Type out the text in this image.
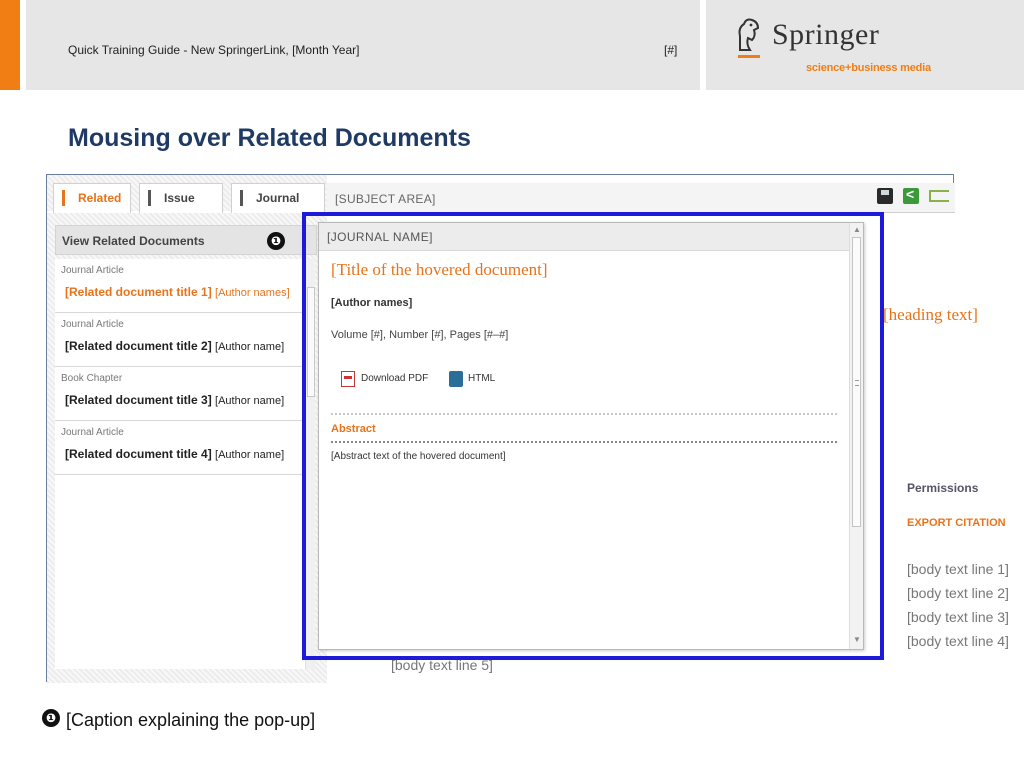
Quick Training Guide - New SpringerLink, [Month Year]	[#]	Springer
science+business media
Mousing over Related Documents
Related	Issue	Journal	[SUBJECT AREA]
<
View Related Documents
Journal Article
[Related document title 1] [Author names]
Journal Article
[Related document title 2] [Author name]
Book Chapter
[Related document title 3] [Author name]
Journal Article
[Related document title 4] [Author name]
[heading text]
Permissions
EXPORT CITATION
[body text line 1]
[body text line 2]
[body text line 3]
[body text line 4]
[body text line 5]
[JOURNAL NAME]
[Title of the hovered document]
[Author names]
Volume [#], Number [#], Pages [#–#]
Download PDF	HTML
Abstract
[Abstract text of the hovered document]
▲
▼
❶
❶ [Caption explaining the pop-up]
